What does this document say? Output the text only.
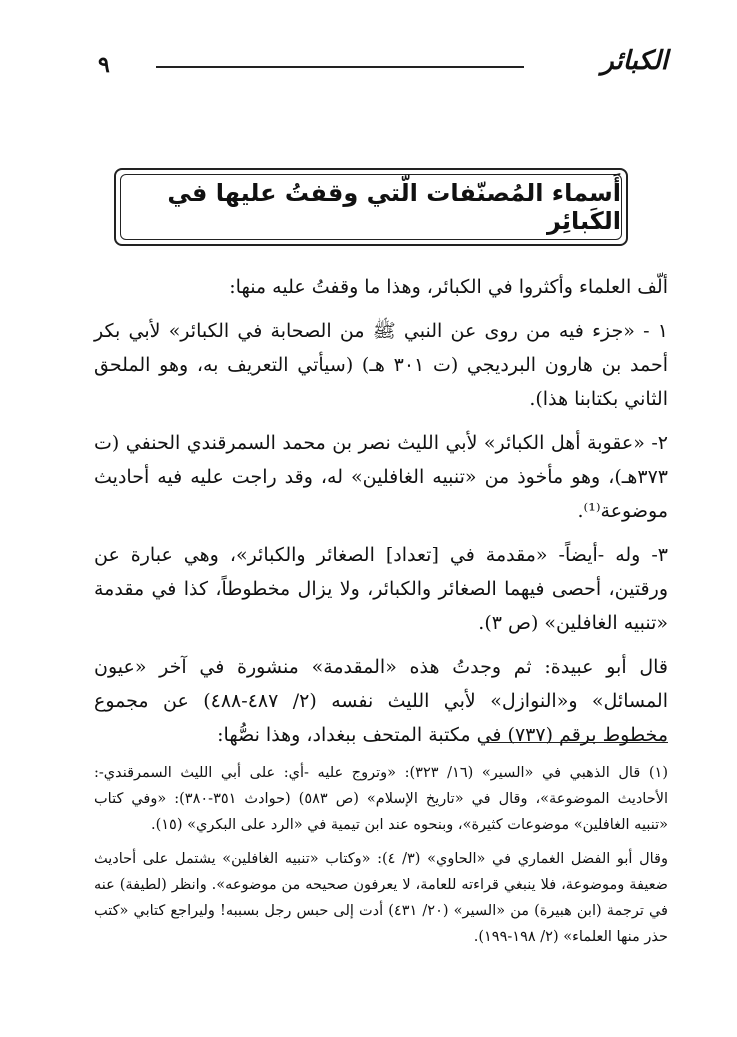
٩	الكبائر
أَسماء المُصنّفات الّتي وقفتُ عليها في الكَبائِر

ألّف العلماء وأكثروا في الكبائر، وهذا ما وقفتُ عليه منها:

١ - «جزء فيه من روى عن النبي ﷺ من الصحابة في الكبائر» لأبي بكر أحمد بن هارون البرديجي (ت ٣٠١ هـ) (سيأتي التعريف به، وهو الملحق الثاني بكتابنا هذا).

٢- «عقوبة أهل الكبائر» لأبي الليث نصر بن محمد السمرقندي الحنفي (ت ٣٧٣هـ)، وهو مأخوذ من «تنبيه الغافلين» له، وقد راجت عليه فيه أحاديث موضوعة⁽¹⁾.

٣- وله -أيضاً- «مقدمة في [تعداد] الصغائر والكبائر»، وهي عبارة عن ورقتين، أحصى فيهما الصغائر والكبائر، ولا يزال مخطوطاً، كذا في مقدمة «تنبيه الغافلين» (ص ٣).

قال أبو عبيدة: ثم وجدتُ هذه «المقدمة» منشورة في آخر «عيون المسائل» و«النوازل» لأبي الليث نفسه (٢/ ٤٨٧-٤٨٨) عن مجموع مخطوط برقم (٧٣٧) في مكتبة المتحف ببغداد، وهذا نصُّها:

(١) قال الذهبي في «السير» (١٦/ ٣٢٣): «وتروج عليه -أي: على أبي الليث السمرقندي-: الأحاديث الموضوعة»، وقال في «تاريخ الإسلام» (ص ٥٨٣) (حوادث ٣٥١-٣٨٠): «وفي كتاب «تنبيه الغافلين» موضوعات كثيرة»، وبنحوه عند ابن تيمية في «الرد على البكري» (١٥).

وقال أبو الفضل الغماري في «الحاوي» (٣/ ٤): «وكتاب «تنبيه الغافلين» يشتمل على أحاديث ضعيفة وموضوعة، فلا ينبغي قراءته للعامة، لا يعرفون صحيحه من موضوعه». وانظر (لطيفة) عنه في ترجمة (ابن هبيرة) من «السير» (٢٠/ ٤٣١) أدت إلى حبس رجل بسببه! وليراجع كتابي «كتب حذر منها العلماء» (٢/ ١٩٨-١٩٩).
